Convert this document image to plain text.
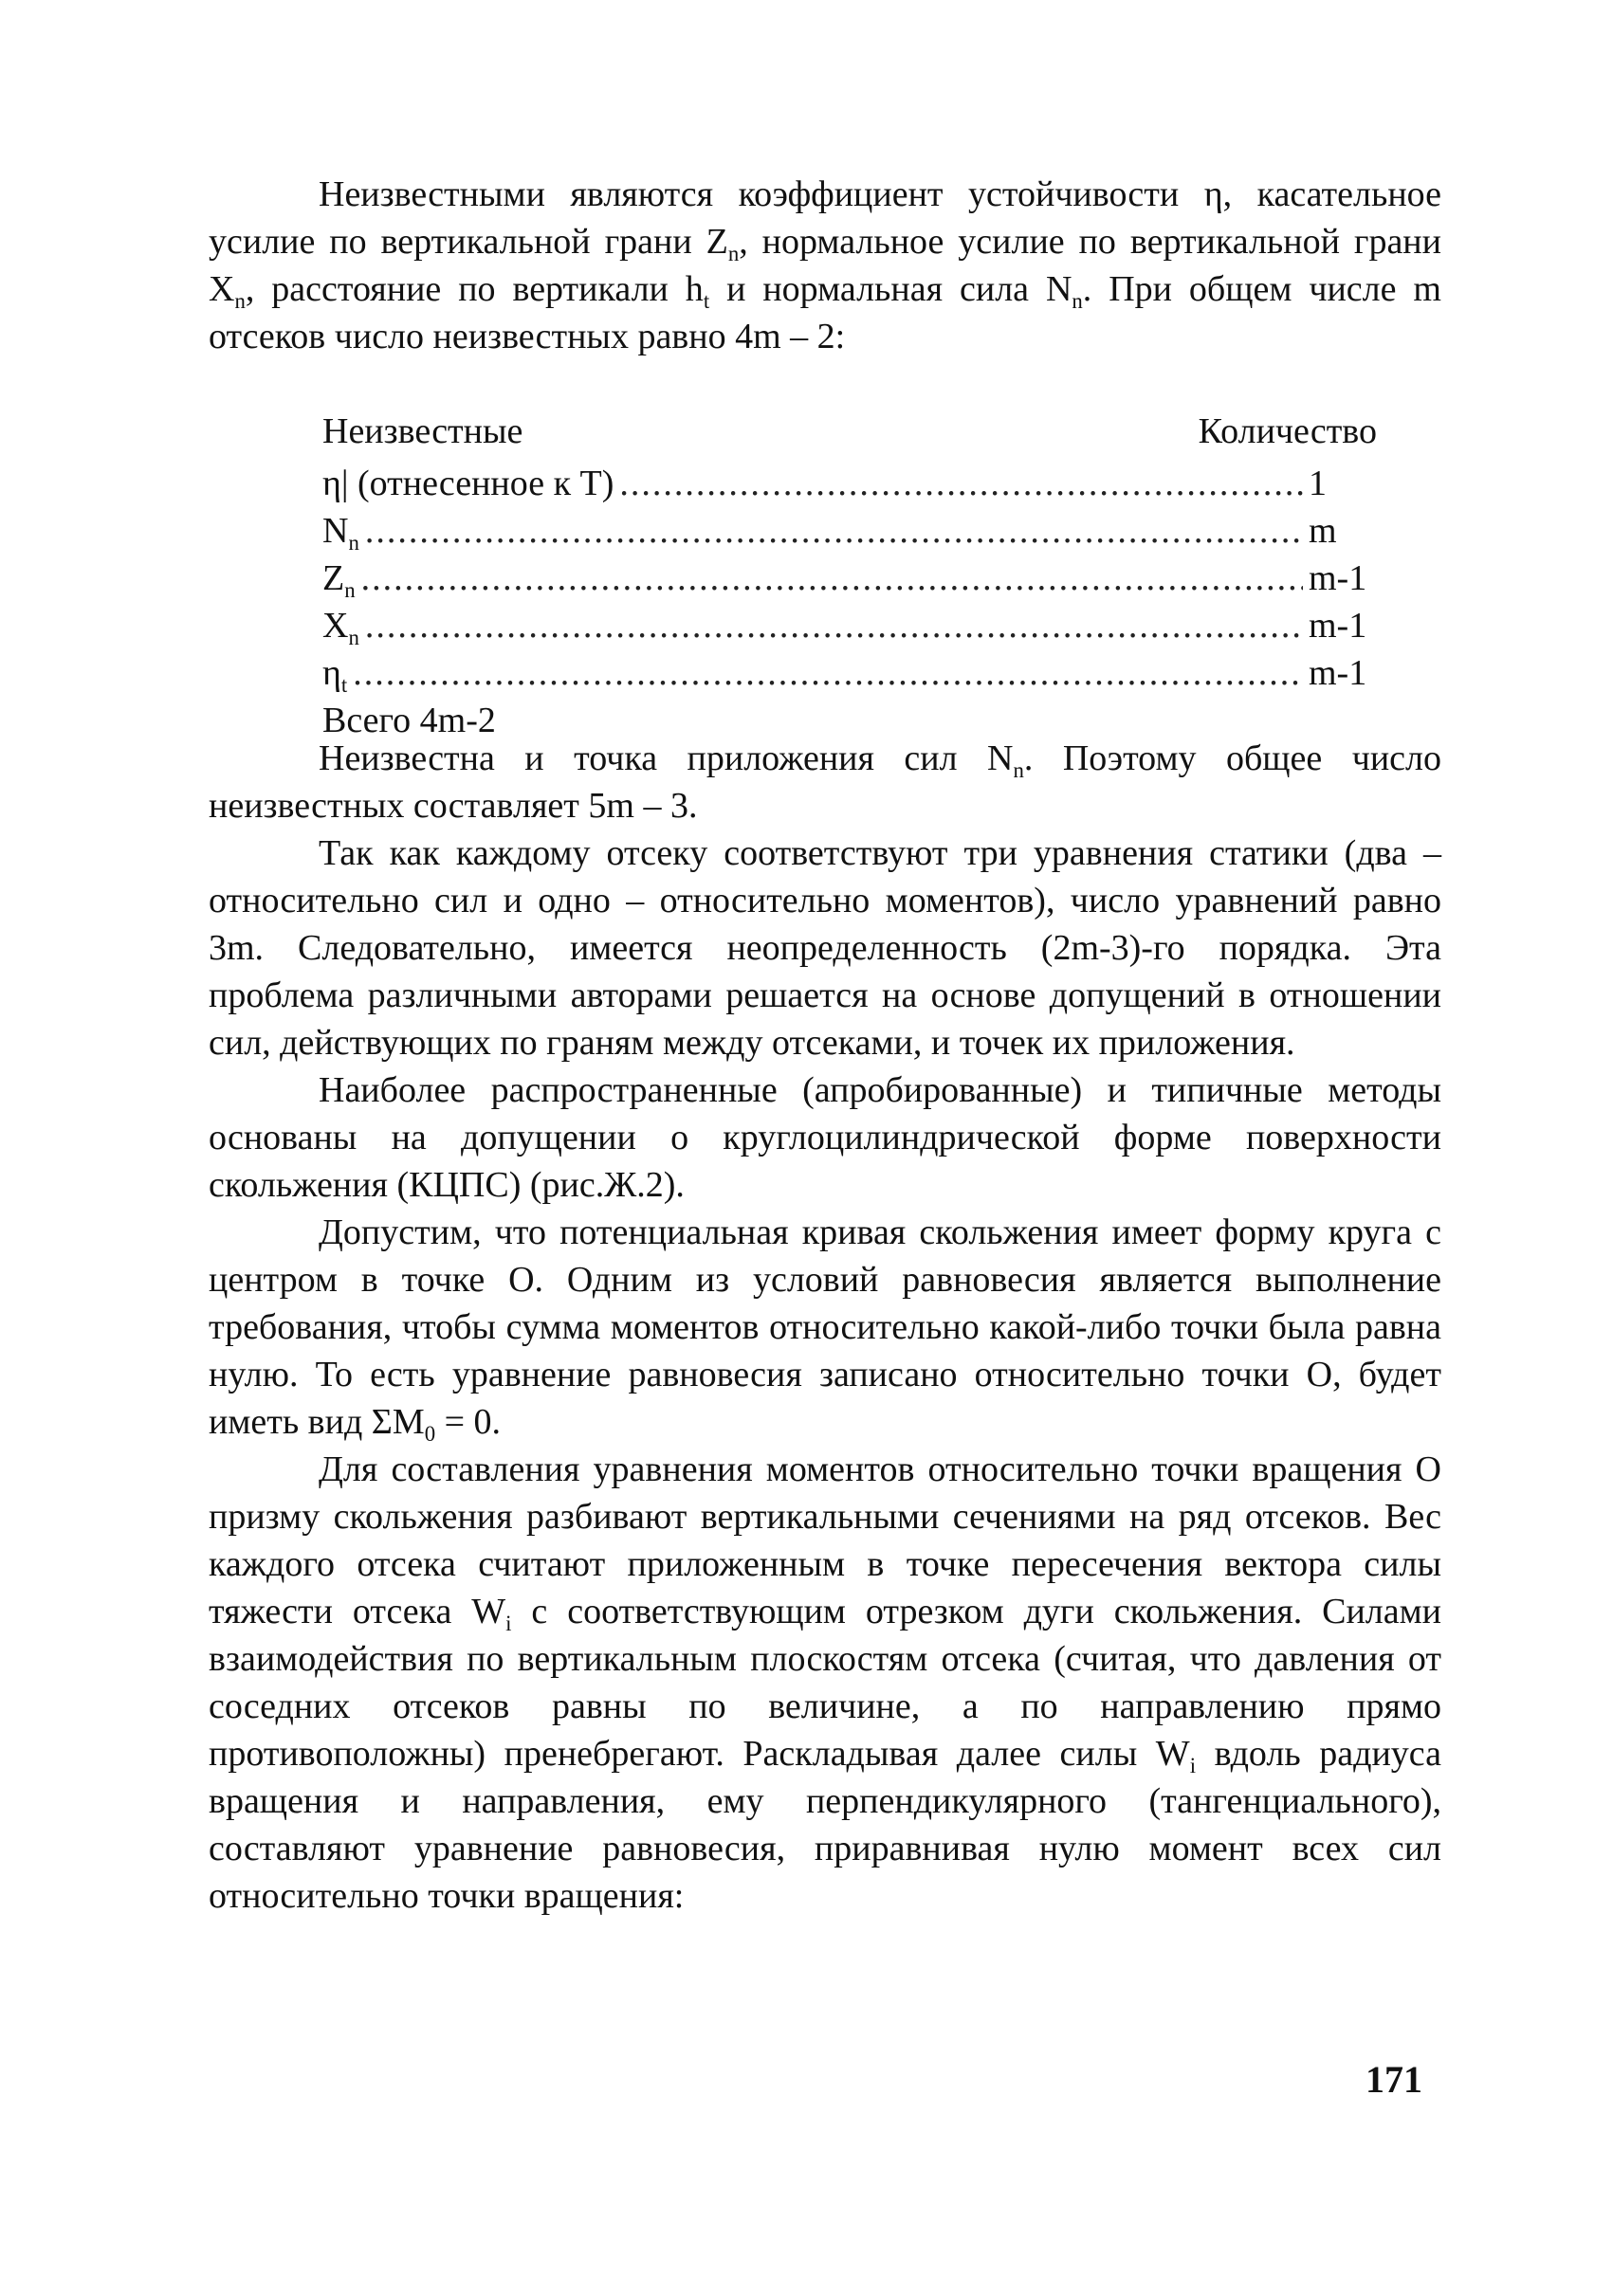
Неизвестными являются коэффициент устойчивости η, касательное усилие по вертикальной грани $Z_n$, нормальное усилие по вертикальной грани $X_n$, расстояние по вертикали $h_t$ и нормальная сила $N_n$. При общем числе m отсеков число неизвестных равно 4m – 2:

Неизвестные	Количество
η| (отнесенное к T) .....	1
$N_n$ .....	m
$Z_n$ .....	m-1
$X_n$ .....	m-1
$\eta_t$ .....	m-1
Всего 4m-2

Неизвестна и точка приложения сил $N_n$. Поэтому общее число неизвестных составляет 5m – 3.

Так как каждому отсеку соответствуют три уравнения статики (два – относительно сил и одно – относительно моментов), число уравнений равно 3m. Следовательно, имеется неопределенность (2m-3)-го порядка. Эта проблема различными авторами решается на основе допущений в отношении сил, действующих по граням между отсеками, и точек их приложения.

Наиболее распространенные (апробированные) и типичные методы основаны на допущении о круглоцилиндрической форме поверхности скольжения (КЦПС) (рис.Ж.2).

Допустим, что потенциальная кривая скольжения имеет форму круга с центром в точке О. Одним из условий равновесия является выполнение требования, чтобы сумма моментов относительно какой-либо точки была равна нулю. То есть уравнение равновесия записано относительно точки О, будет иметь вид $\Sigma M_0 = 0$.

Для составления уравнения моментов относительно точки вращения О призму скольжения разбивают вертикальными сечениями на ряд отсеков. Вес каждого отсека считают приложенным в точке пересечения вектора силы тяжести отсека $W_i$ с соответствующим отрезком дуги скольжения. Силами взаимодействия по вертикальным плоскостям отсека (считая, что давления от соседних отсеков равны по величине, а по направлению прямо противоположны) пренебрегают. Раскладывая далее силы $W_i$ вдоль радиуса вращения и направления, ему перпендикулярного (тангенциального), составляют уравнение равновесия, приравнивая нулю момент всех сил относительно точки вращения:

171
